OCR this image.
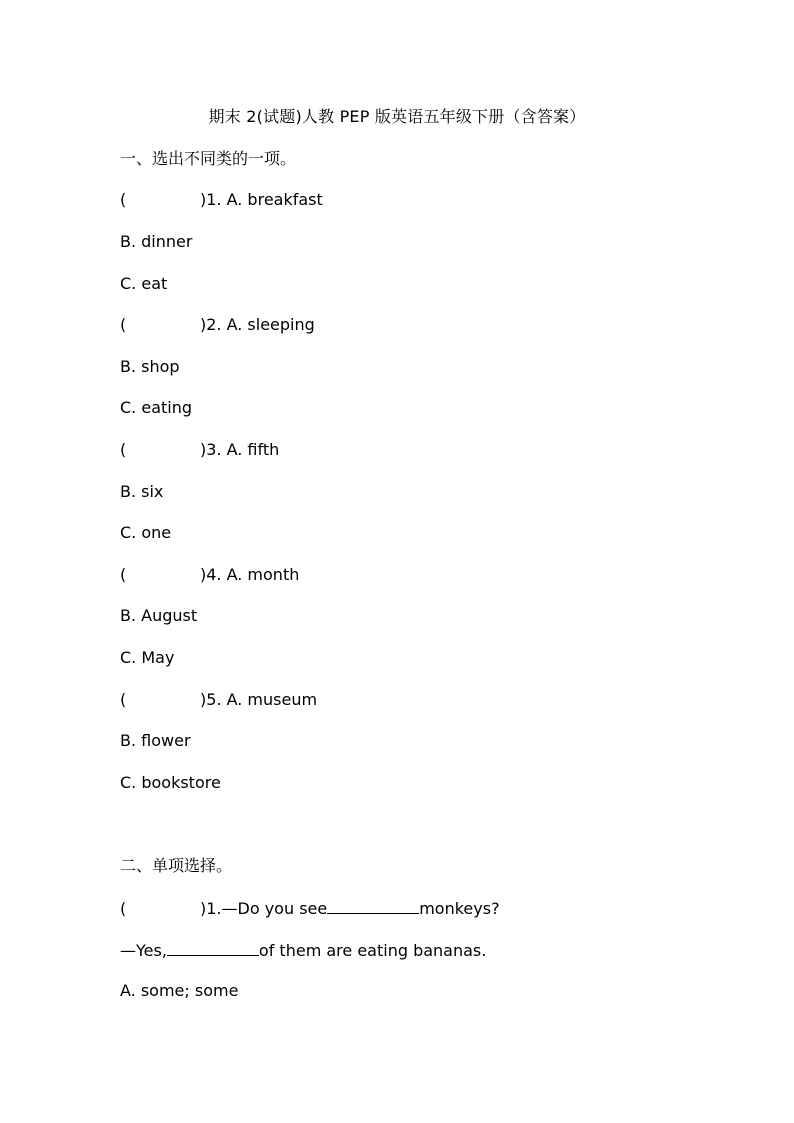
期末 2(试题)人教 PEP 版英语五年级下册（含答案）
一、选出不同类的一项。
(	)1. A. breakfast
B. dinner
C. eat
(	)2. A. sleeping
B. shop
C. eating
(	)3. A. fifth
B. six
C. one
(	)4. A. month
B. August
C. May
(	)5. A. museum
B. flower
C. bookstore
二、单项选择。
(	)1.—Do you see	monkeys?
—Yes,	of them are eating bananas.
A. some; some
